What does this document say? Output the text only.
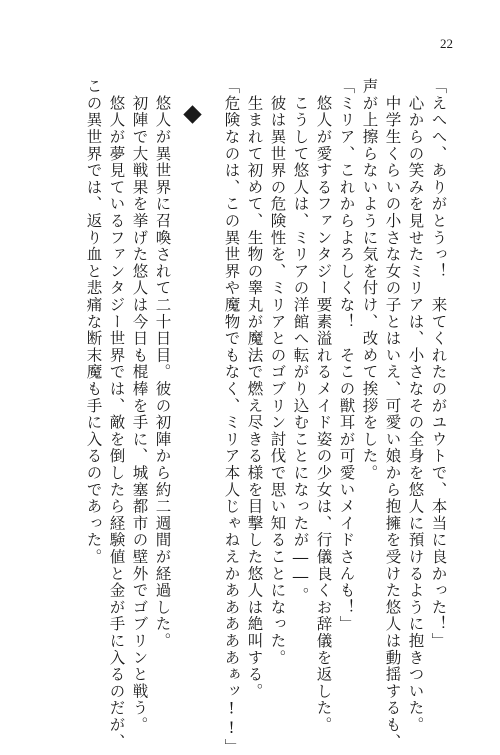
22
「えへへ、ありがとうっ！　来てくれたのがユウトで、本当に良かった！」
　心からの笑みを見せたミリアは、小さなその全身を悠人に預けるように抱きついた。
　中学生くらいの小さな女の子とはいえ、可愛い娘から抱擁を受けた悠人は動揺するも、
声が上擦らないように気を付け、改めて挨拶をした。
「ミリア、これからよろしくな！　そこの獣耳が可愛いメイドさんも！」
　悠人が愛するファンタジー要素溢れるメイド姿の少女は、行儀良くお辞儀を返した。
　こうして悠人は、ミリアの洋館へ転がり込むことになったが――。
　彼は異世界の危険性を、ミリアとのゴブリン討伐で思い知ることになった。
　生まれて初めて、生物の睾丸が魔法で燃え尽きる様を目撃した悠人は絶叫する。
「危険なのは、この異世界や魔物でもなく、ミリア本人じゃねえかあああああぁッ!!」
　悠人が異世界に召喚されて二十日目。彼の初陣から約二週間が経過した。
　初陣で大戦果を挙げた悠人は今日も棍棒を手に、城塞都市の壁外でゴブリンと戦う。
　悠人が夢見ているファンタジー世界では、敵を倒したら経験値と金が手に入るのだが、
この異世界では、返り血と悲痛な断末魔も手に入るのであった。
